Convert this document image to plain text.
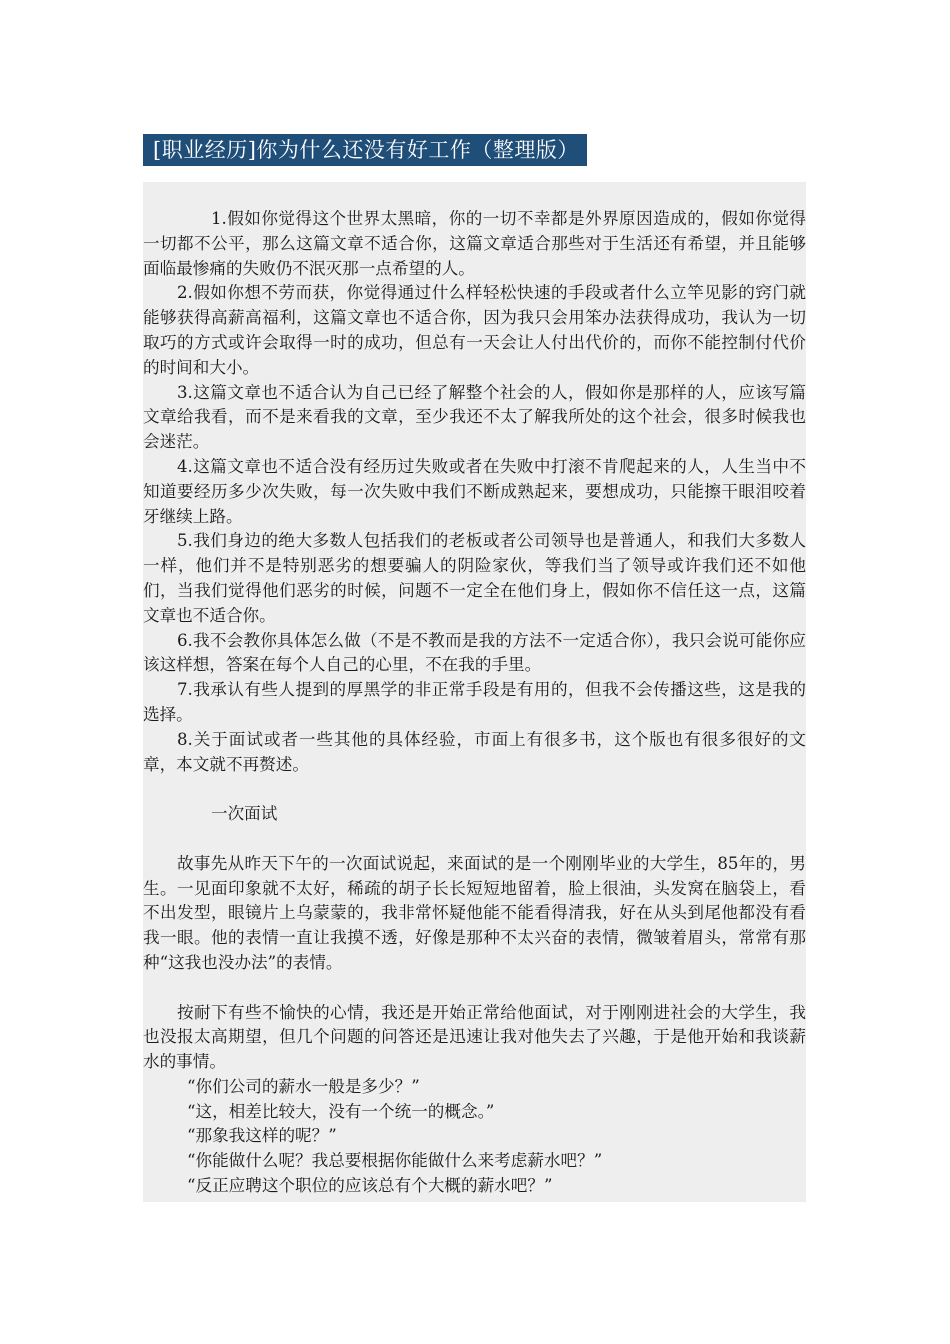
[职业经历]你为什么还没有好工作（整理版）

1.假如你觉得这个世界太黑暗，你的一切不幸都是外界原因造成的，假如你觉得一切都不公平，那么这篇文章不适合你，这篇文章适合那些对于生活还有希望，并且能够面临最惨痛的失败仍不泯灭那一点希望的人。

2.假如你想不劳而获，你觉得通过什么样轻松快速的手段或者什么立竿见影的窍门就能够获得高薪高福利，这篇文章也不适合你，因为我只会用笨办法获得成功，我认为一切取巧的方式或许会取得一时的成功，但总有一天会让人付出代价的，而你不能控制付代价的时间和大小。

3.这篇文章也不适合认为自己已经了解整个社会的人，假如你是那样的人，应该写篇文章给我看，而不是来看我的文章，至少我还不太了解我所处的这个社会，很多时候我也会迷茫。

4.这篇文章也不适合没有经历过失败或者在失败中打滚不肯爬起来的人，人生当中不知道要经历多少次失败，每一次失败中我们不断成熟起来，要想成功，只能擦干眼泪咬着牙继续上路。

5.我们身边的绝大多数人包括我们的老板或者公司领导也是普通人，和我们大多数人一样，他们并不是特别恶劣的想要骗人的阴险家伙，等我们当了领导或许我们还不如他们，当我们觉得他们恶劣的时候，问题不一定全在他们身上，假如你不信任这一点，这篇文章也不适合你。

6.我不会教你具体怎么做（不是不教而是我的方法不一定适合你），我只会说可能你应该这样想，答案在每个人自己的心里，不在我的手里。

7.我承认有些人提到的厚黑学的非正常手段是有用的，但我不会传播这些，这是我的选择。

8.关于面试或者一些其他的具体经验，市面上有很多书，这个版也有很多很好的文章，本文就不再赘述。

一次面试

故事先从昨天下午的一次面试说起，来面试的是一个刚刚毕业的大学生，85年的，男生。一见面印象就不太好，稀疏的胡子长长短短地留着，脸上很油，头发窝在脑袋上，看不出发型，眼镜片上乌蒙蒙的，我非常怀疑他能不能看得清我，好在从头到尾他都没有看我一眼。他的表情一直让我摸不透，好像是那种不太兴奋的表情，微皱着眉头，常常有那种“这我也没办法”的表情。

按耐下有些不愉快的心情，我还是开始正常给他面试，对于刚刚进社会的大学生，我也没报太高期望，但几个问题的问答还是迅速让我对他失去了兴趣，于是他开始和我谈薪水的事情。

“你们公司的薪水一般是多少？”

“这，相差比较大，没有一个统一的概念。”

“那象我这样的呢？”

“你能做什么呢？我总要根据你能做什么来考虑薪水吧？”

“反正应聘这个职位的应该总有个大概的薪水吧？”
